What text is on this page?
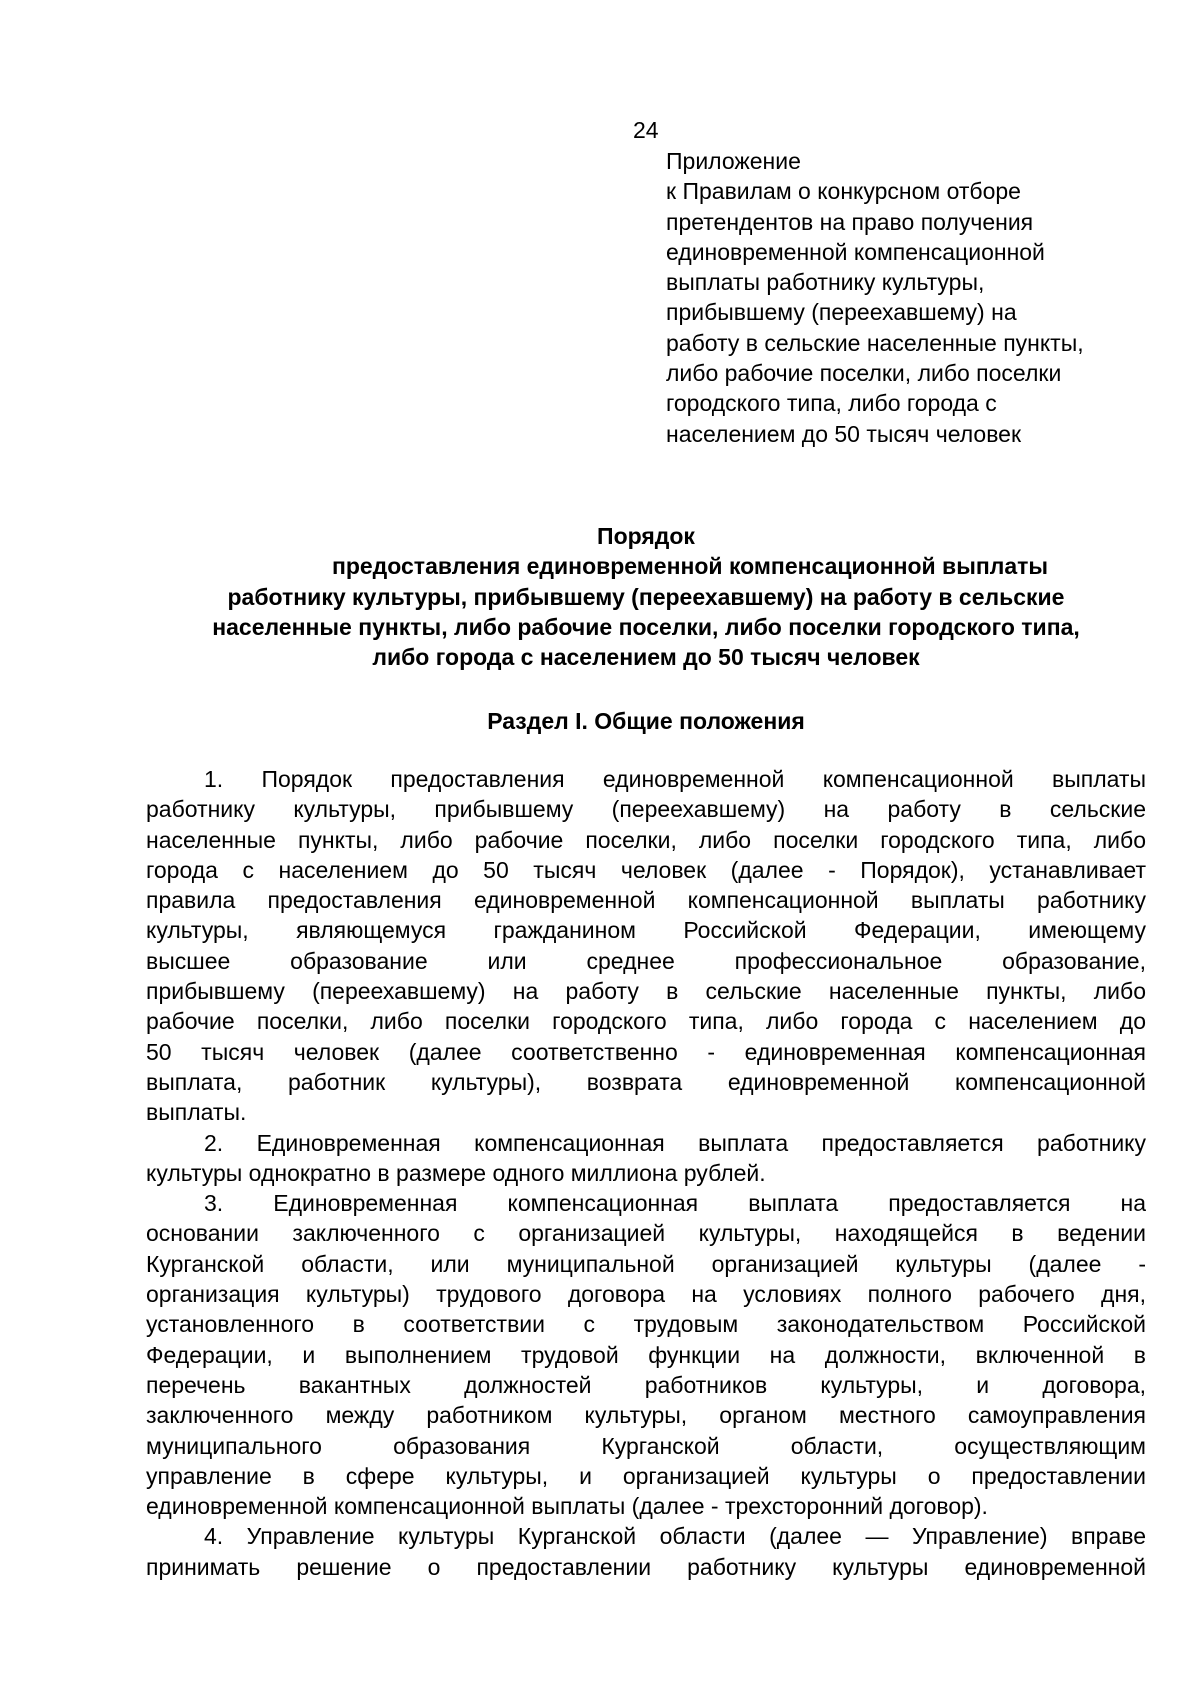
24
Приложение
к Правилам о конкурсном отборе
претендентов на право получения
единовременной компенсационной
выплаты работнику культуры,
прибывшему (переехавшему) на
работу в сельские населенные пункты,
либо рабочие поселки, либо поселки
городского типа, либо города с
населением до 50 тысяч человек
Порядок
предоставления единовременной компенсационной выплаты
работнику культуры, прибывшему (переехавшему) на работу в сельские
населенные пункты, либо рабочие поселки, либо поселки городского типа,
либо города с населением до 50 тысяч человек
Раздел I. Общие положения
1. Порядок предоставления единовременной компенсационной выплаты
работнику культуры, прибывшему (переехавшему) на работу в сельские
населенные пункты, либо рабочие поселки, либо поселки городского типа, либо
города с населением до 50 тысяч человек (далее - Порядок), устанавливает
правила предоставления единовременной компенсационной выплаты работнику
культуры, являющемуся гражданином Российской Федерации, имеющему
высшее образование или среднее профессиональное образование,
прибывшему (переехавшему) на работу в сельские населенные пункты, либо
рабочие поселки, либо поселки городского типа, либо города с населением до
50 тысяч человек (далее соответственно - единовременная компенсационная
выплата, работник культуры), возврата единовременной компенсационной
выплаты.
2. Единовременная компенсационная выплата предоставляется работнику
культуры однократно в размере одного миллиона рублей.
3. Единовременная компенсационная выплата предоставляется на
основании заключенного с организацией культуры, находящейся в ведении
Курганской области, или муниципальной организацией культуры (далее -
организация культуры) трудового договора на условиях полного рабочего дня,
установленного в соответствии с трудовым законодательством Российской
Федерации, и выполнением трудовой функции на должности, включенной в
перечень вакантных должностей работников культуры, и договора,
заключенного между работником культуры, органом местного самоуправления
муниципального образования Курганской области, осуществляющим
управление в сфере культуры, и организацией культуры о предоставлении
единовременной компенсационной выплаты (далее - трехсторонний договор).
4. Управление культуры Курганской области (далее — Управление) вправе
принимать решение о предоставлении работнику культуры единовременной
